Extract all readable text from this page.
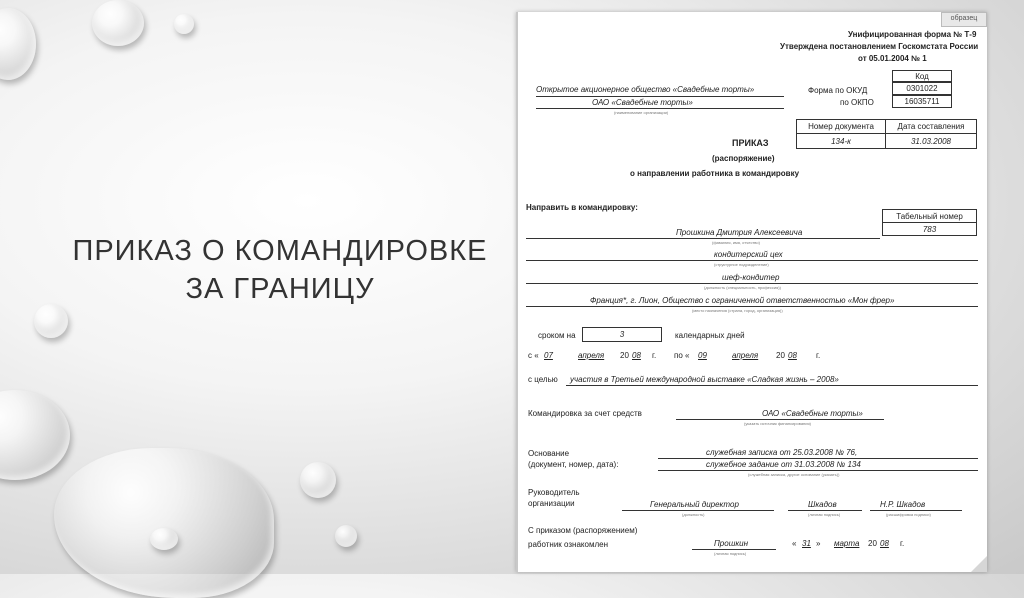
ПРИКАЗ О КОМАНДИРОВКЕ
ЗА ГРАНИЦУ
образец
Унифицированная форма № Т-9
Утверждена постановлением Госкомстата России
от 05.01.2004 № 1
Открытое акционерное общество «Свадебные торты»
ОАО «Свадебные торты»
(наименование организации)
Код
Форма по ОКУД	0301022
по ОКПО	16035711
Номер документа	Дата составления
134-к	31.03.2008
ПРИКАЗ
(распоряжение)
о направлении работника в командировку
Направить в командировку:
Табельный номер
783
Прошкина Дмитрия Алексеевича
(фамилия, имя, отчество)
кондитерский цех
(структурное подразделение)
шеф-кондитер
(должность (специальность, профессия))
Франция*, г. Лион, Общество с ограниченной ответственностью «Мон фрер»
(место назначения (страна, город, организация))
сроком на	3	календарных дней
с « 07	апреля 20 08 г. по « 09	апреля 20 08 г.
с целью участия в Третьей международной выставке «Сладкая жизнь – 2008»
Командировка за счет средств	ОАО «Свадебные торты»
(указать источник финансирования)
Основание
(документ, номер, дата):
служебная записка от 25.03.2008 № 76,
служебное задание от 31.03.2008 № 134
(служебная записка, другое основание (указать))
Руководитель
организации	Генеральный директор
(должность)
Шкадов
(личная подпись)
Н.Р. Шкадов
(расшифровка подписи)
С приказом (распоряжением)
работник ознакомлен	Прошкин
(личная подпись)
« 31 » марта 20 08 г.
